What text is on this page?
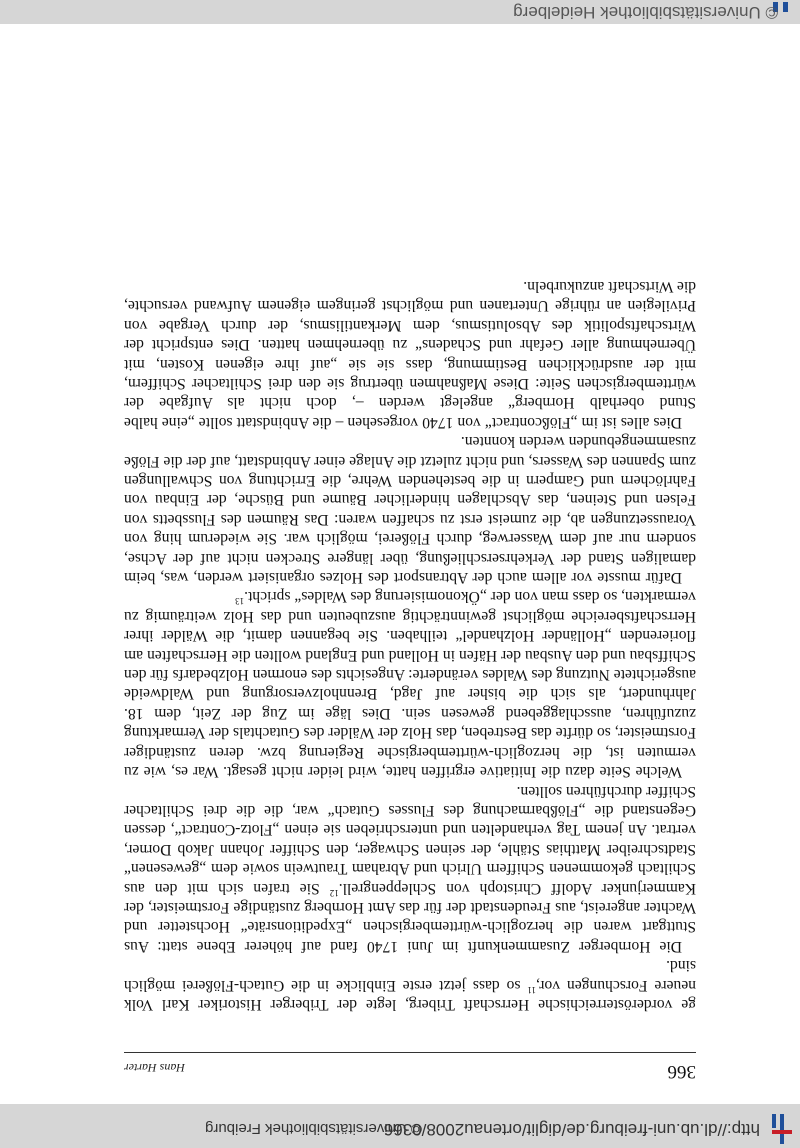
http://dl.ub.uni-freiburg.de/diglit/ortenau2008/0366
© Universitätsbibliothek Freiburg
366
Hans Harter

ge vorderösterreichische Herrschaft Triberg, legte der Triberger Historiker Karl Volk neuere Forschungen vor,$^{11}$ so dass jetzt erste Einblicke in die Gutach-Flößerei möglich sind.

Die Hornberger Zusammenkunft im Juni 1740 fand auf höherer Ebene statt: Aus Stuttgart waren die herzoglich-württembergischen „Expeditionsräte“ Hochstetter und Wachter angereist, aus Freudenstadt der für das Amt Hornberg zuständige Forstmeister, der Kammerjunker Adolff Christoph von Schleppengrell.$^{12}$ Sie trafen sich mit den aus Schiltach gekommenen Schiffern Ulrich und Abraham Trautwein sowie dem „gewesenen“ Stadtschreiber Matthias Stähle, der seinen Schwager, den Schiffer Johann Jakob Dorner, vertrat. An jenem Tag verhandelten und unterschrieben sie einen „Flotz-Contract“, dessen Gegenstand die „Flößbarmachung des Flusses Gutach“ war, die die drei Schiltacher Schiffer durchführen sollten.

Welche Seite dazu die Initiative ergriffen hatte, wird leider nicht gesagt. War es, wie zu vermuten ist, die herzoglich-württembergische Regierung bzw. deren zuständiger Forstmeister, so dürfte das Bestreben, das Holz der Wälder des Gutachtals der Vermarktung zuzuführen, ausschlaggebend gewesen sein. Dies läge im Zug der Zeit, dem 18. Jahrhundert, als sich die bisher auf Jagd, Brennholzversorgung und Waldweide ausgerichtete Nutzung des Waldes veränderte: Angesichts des enormen Holzbedarfs für den Schiffsbau und den Ausbau der Häfen in Holland und England wollten die Herrschaften am florierenden „Holländer Holzhandel“ teilhaben. Sie begannen damit, die Wälder ihrer Herrschaftsbereiche möglichst gewinnträchtig auszubeuten und das Holz weiträumig zu vermarkten, so dass man von der „Ökonomisierung des Waldes“ spricht.$^{13}$

Dafür musste vor allem auch der Abtransport des Holzes organisiert werden, was, beim damaligen Stand der Verkehrserschließung, über längere Strecken nicht auf der Achse, sondern nur auf dem Wasserweg, durch Flößerei, möglich war. Sie wiederum hing von Voraussetzungen ab, die zumeist erst zu schaffen waren: Das Räumen des Flussbetts von Felsen und Steinen, das Abschlagen hinderlicher Bäume und Büsche, der Einbau von Fahrlöchern und Gampern in die bestehenden Wehre, die Errichtung von Schwallungen zum Spannen des Wassers, und nicht zuletzt die Anlage einer Anbindstatt, auf der die Flöße zusammengebunden werden konnten.

Dies alles ist im „Flößcontract“ von 1740 vorgesehen – die Anbindstatt sollte „eine halbe Stund oberhalb Hornberg“ angelegt werden –, doch nicht als Aufgabe der württembergischen Seite: Diese Maßnahmen übertrug sie den drei Schiltacher Schiffern, mit der ausdrücklichen Bestimmung, dass sie sie „auf ihre eigenen Kosten, mit Übernehmung aller Gefahr und Schadens“ zu übernehmen hatten. Dies entspricht der Wirtschaftspolitik des Absolutismus, dem Merkantilismus, der durch Vergabe von Privilegien an rührige Untertanen und möglichst geringem eigenem Aufwand versuchte, die Wirtschaft anzukurbeln.

© Universitätsbibliothek Heidelberg
